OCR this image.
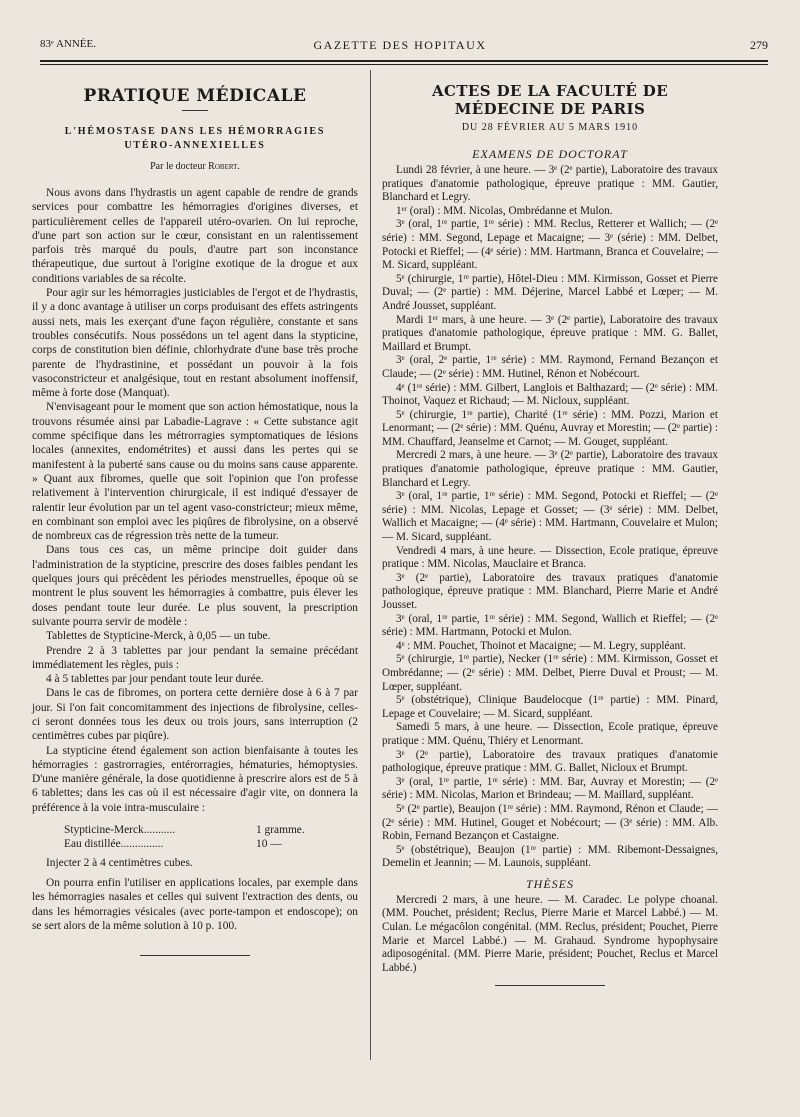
83ᵉ ANNÉE.	GAZETTE DES HOPITAUX	279
PRATIQUE MÉDICALE
L'HÉMOSTASE DANS LES HÉMORRAGIES UTÉRO-ANNEXIELLES
Par le docteur Robert.

Nous avons dans l'hydrastis un agent capable de rendre de grands services pour combattre les hémorragies d'origines diverses, et particulièrement celles de l'appareil utéro-ovarien. On lui reproche, d'une part son action sur le cœur, consistant en un ralentissement parfois très marqué du pouls, d'autre part son inconstance thérapeutique, due surtout à l'origine exotique de la drogue et aux conditions variables de sa récolte.

Pour agir sur les hémorragies justiciables de l'ergot et de l'hydrastis, il y a donc avantage à utiliser un corps produisant des effets astringents aussi nets, mais les exerçant d'une façon régulière, constante et sans troubles consécutifs. Nous possédons un tel agent dans la stypticine, corps de constitution bien définie, chlorhydrate d'une base très proche parente de l'hydrastinine, et possédant un pouvoir à la fois vasoconstricteur et analgésique, tout en restant absolument inoffensif, même à forte dose (Manquat).

N'envisageant pour le moment que son action hémostatique, nous la trouvons résumée ainsi par Labadie-Lagrave : « Cette substance agit comme spécifique dans les métrorragies symptomatiques de lésions locales (annexites, endométrites) et aussi dans les pertes qui se manifestent à la puberté sans cause ou du moins sans cause apparente. » Quant aux fibromes, quelle que soit l'opinion que l'on professe relativement à l'intervention chirurgicale, il est indiqué d'essayer de ralentir leur évolution par un tel agent vaso-constricteur; mieux même, en combinant son emploi avec les piqûres de fibrolysine, on a observé de nombreux cas de régression très nette de la tumeur.

Dans tous ces cas, un même principe doit guider dans l'administration de la stypticine, prescrire des doses faibles pendant les quelques jours qui précèdent les périodes menstruelles, époque où se montrent le plus souvent les hémorragies à combattre, puis élever les doses pendant toute leur durée. Le plus souvent, la prescription suivante pourra servir de modèle :

Tablettes de Stypticine-Merck, à 0,05 — un tube.

Prendre 2 à 3 tablettes par jour pendant la semaine précédant immédiatement les règles, puis :

4 à 5 tablettes par jour pendant toute leur durée.

Dans le cas de fibromes, on portera cette dernière dose à 6 à 7 par jour. Si l'on fait concomitamment des injections de fibrolysine, celles-ci seront données tous les deux ou trois jours, sans interruption (2 centimètres cubes par piqûre).

La stypticine étend également son action bienfaisante à toutes les hémorragies : gastrorragies, entérorragies, hématuries, hémoptysies. D'une manière générale, la dose quotidienne à prescrire alors est de 5 à 6 tablettes; dans les cas où il est nécessaire d'agir vite, on donnera la préférence à la voie intra-musculaire :

Stypticine-Merck...........	1 gramme.
Eau distillée...............	10 —

Injecter 2 à 4 centimètres cubes.

On pourra enfin l'utiliser en applications locales, par exemple dans les hémorragies nasales et celles qui suivent l'extraction des dents, ou dans les hémorragies vésicales (avec porte-tampon et endoscope); on se sert alors de la même solution à 10 p. 100.

ACTES DE LA FACULTÉ DE MÉDECINE DE PARIS
DU 28 FÉVRIER AU 5 MARS 1910
EXAMENS DE DOCTORAT

Lundi 28 février, à une heure. — 3ᵉ (2ᵉ partie), Laboratoire des travaux pratiques d'anatomie pathologique, épreuve pratique : MM. Gautier, Blanchard et Legry.

1ᵉʳ (oral) : MM. Nicolas, Ombrédanne et Mulon.

3ᵉ (oral, 1ʳᵉ partie, 1ʳᵉ série) : MM. Reclus, Retterer et Wallich; — (2ᵉ série) : MM. Segond, Lepage et Macaigne; — 3ᵉ (série) : MM. Delbet, Potocki et Rieffel; — (4ᵉ série) : MM. Hartmann, Branca et Couvelaire; — M. Sicard, suppléant.

5ᵉ (chirurgie, 1ʳᵉ partie), Hôtel-Dieu : MM. Kirmisson, Gosset et Pierre Duval; — (2ᵉ partie) : MM. Déjerine, Marcel Labbé et Lœper; — M. André Jousset, suppléant.

Mardi 1ᵉʳ mars, à une heure. — 3ᵉ (2ᵉ partie), Laboratoire des travaux pratiques d'anatomie pathologique, épreuve pratique : MM. G. Ballet, Maillard et Brumpt.

3ᵉ (oral, 2ᵉ partie, 1ʳᵉ série) : MM. Raymond, Fernand Bezançon et Claude; — (2ᵉ série) : MM. Hutinel, Rénon et Nobécourt.

4ᵉ (1ʳᵉ série) : MM. Gilbert, Langlois et Balthazard; — (2ᵉ série) : MM. Thoinot, Vaquez et Richaud; — M. Nicloux, suppléant.

5ᵉ (chirurgie, 1ʳᵉ partie), Charité (1ʳᵉ série) : MM. Pozzi, Marion et Lenormant; — (2ᵉ série) : MM. Quénu, Auvray et Morestin; — (2ᵉ partie) : MM. Chauffard, Jeanselme et Carnot; — M. Gouget, suppléant.

Mercredi 2 mars, à une heure. — 3ᵉ (2ᵉ partie), Laboratoire des travaux pratiques d'anatomie pathologique, épreuve pratique : MM. Gautier, Blanchard et Legry.

3ᵉ (oral, 1ʳᵉ partie, 1ʳᵉ série) : MM. Segond, Potocki et Rieffel; — (2ᵉ série) : MM. Nicolas, Lepage et Gosset; — (3ᵉ série) : MM. Delbet, Wallich et Macaigne; — (4ᵉ série) : MM. Hartmann, Couvelaire et Mulon; — M. Sicard, suppléant.

Vendredi 4 mars, à une heure. — Dissection, Ecole pratique, épreuve pratique : MM. Nicolas, Mauclaire et Branca.

3ᵉ (2ᵉ partie), Laboratoire des travaux pratiques d'anatomie pathologique, épreuve pratique : MM. Blanchard, Pierre Marie et André Jousset.

3ᵉ (oral, 1ʳᵉ partie, 1ʳᵉ série) : MM. Segond, Wallich et Rieffel; — (2ᵉ série) : MM. Hartmann, Potocki et Mulon.

4ᵉ : MM. Pouchet, Thoinot et Macaigne; — M. Legry, suppléant.

5ᵉ (chirurgie, 1ʳᵉ partie), Necker (1ʳᵉ série) : MM. Kirmisson, Gosset et Ombrédanne; — (2ᵉ série) : MM. Delbet, Pierre Duval et Proust; — M. Lœper, suppléant.

5ᵉ (obstétrique), Clinique Baudelocque (1ʳᵉ partie) : MM. Pinard, Lepage et Couvelaire; — M. Sicard, suppléant.

Samedi 5 mars, à une heure. — Dissection, Ecole pratique, épreuve pratique : MM. Quénu, Thiéry et Lenormant.

3ᵉ (2ᵉ partie), Laboratoire des travaux pratiques d'anatomie pathologique, épreuve pratique : MM. G. Ballet, Nicloux et Brumpt.

3ᵉ (oral, 1ʳᵉ partie, 1ʳᵉ série) : MM. Bar, Auvray et Morestin; — (2ᵉ série) : MM. Nicolas, Marion et Brindeau; — M. Maillard, suppléant.

5ᵉ (2ᵉ partie), Beaujon (1ʳᵉ série) : MM. Raymond, Rénon et Claude; — (2ᵉ série) : MM. Hutinel, Gouget et Nobécourt; — (3ᵉ série) : MM. Alb. Robin, Fernand Bezançon et Castaigne.

5ᵉ (obstétrique), Beaujon (1ʳᵉ partie) : MM. Ribemont-Dessaignes, Demelin et Jeannin; — M. Launois, suppléant.

THÈSES

Mercredi 2 mars, à une heure. — M. Caradec. Le polype choanal. (MM. Pouchet, président; Reclus, Pierre Marie et Marcel Labbé.) — M. Culan. Le mégacôlon congénital. (MM. Reclus, président; Pouchet, Pierre Marie et Marcel Labbé.) — M. Grahaud. Syndrome hypophysaire adiposogénital. (MM. Pierre Marie, président; Pouchet, Reclus et Marcel Labbé.)
